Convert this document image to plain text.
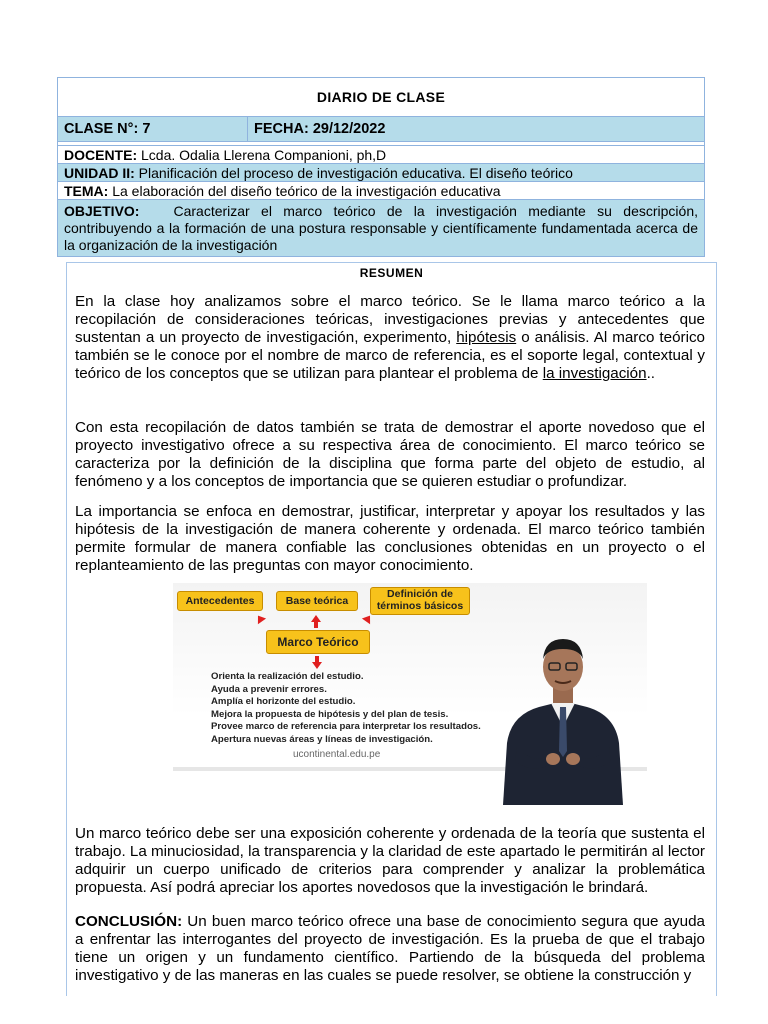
DIARIO DE CLASE
CLASE N°: 7	FECHA: 29/12/2022

DOCENTE: Lcda. Odalia Llerena Companioni, ph,D
UNIDAD II: Planificación del proceso de investigación educativa. El diseño teórico
TEMA: La elaboración del diseño teórico de la investigación educativa
OBJETIVO: Caracterizar el marco teórico de la investigación mediante su descripción, contribuyendo a la formación de una postura responsable y científicamente fundamentada acerca de la organización de la investigación
RESUMEN

En la clase hoy analizamos sobre el marco teórico. Se le llama marco teórico a la recopilación de consideraciones teóricas, investigaciones previas y antecedentes que sustentan a un proyecto de investigación, experimento, hipótesis o análisis. Al marco teórico también se le conoce por el nombre de marco de referencia, es el soporte legal, contextual y teórico de los conceptos que se utilizan para plantear el problema de la investigación..

Con esta recopilación de datos también se trata de demostrar el aporte novedoso que el proyecto investigativo ofrece a su respectiva área de conocimiento. El marco teórico se caracteriza por la definición de la disciplina que forma parte del objeto de estudio, al fenómeno y a los conceptos de importancia que se quieren estudiar o profundizar.

La importancia se enfoca en demostrar, justificar, interpretar y apoyar los resultados y las hipótesis de la investigación de manera coherente y ordenada. El marco teórico también permite formular de manera confiable las conclusiones obtenidas en un proyecto o el replanteamiento de las preguntas con mayor conocimiento.

Antecedentes	Base teórica
Definición de términos básicos
Marco Teórico
Orienta la realización del estudio.
Ayuda a prevenir errores.
Amplía el horizonte del estudio.
Mejora la propuesta de hipótesis y del plan de tesis.
Provee marco de referencia para interpretar los resultados.
Apertura nuevas áreas y líneas de investigación.
ucontinental.edu.pe

Un marco teórico debe ser una exposición coherente y ordenada de la teoría que sustenta el trabajo. La minuciosidad, la transparencia y la claridad de este apartado le permitirán al lector adquirir un cuerpo unificado de criterios para comprender y analizar la problemática propuesta. Así podrá apreciar los aportes novedosos que la investigación le brindará.

CONCLUSIÓN: Un buen marco teórico ofrece una base de conocimiento segura que ayuda a enfrentar las interrogantes del proyecto de investigación. Es la prueba de que el trabajo tiene un origen y un fundamento científico. Partiendo de la búsqueda del problema investigativo y de las maneras en las cuales se puede resolver, se obtiene la construcción y
